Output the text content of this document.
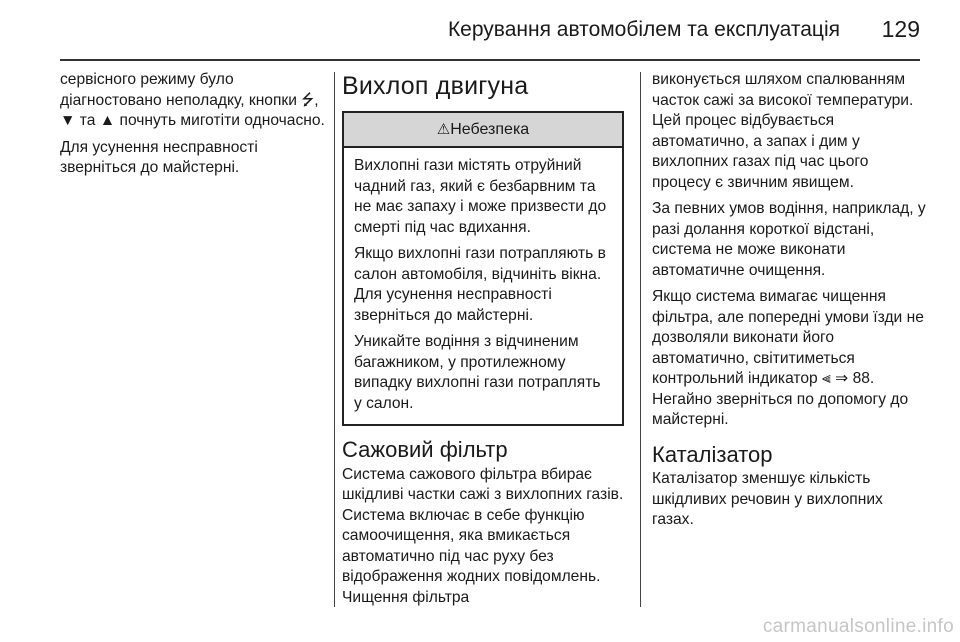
Керування автомобілем та експлуатація 129

сервісного режиму було діагностовано неполадку, кнопки ⭍, ▼ та ▲ почнуть миготіти одночасно.

Для усунення несправності зверніться до майстерні.

Вихлоп двигуна
⚠Небезпека

Вихлопні гази містять отруйний чадний газ, який є безбарвним та не має запаху і може призвести до смерті під час вдихання.

Якщо вихлопні гази потрапляють в салон автомобіля, відчиніть вікна. Для усунення несправності зверніться до майстерні.

Уникайте водіння з відчиненим багажником, у протилежному випадку вихлопні гази потраплять у салон.

Сажовий фільтр

Система сажового фільтра вбирає шкідливі частки сажі з вихлопних газів. Система включає в себе функцію самоочищення, яка вмикається автоматично під час руху без відображення жодних повідомлень. Чищення фільтра

виконується шляхом спалюванням часток сажі за високої температури. Цей процес відбувається автоматично, а запах і дим у вихлопних газах під час цього процесу є звичним явищем.

За певних умов водіння, наприклад, у разі долання короткої відстані, система не може виконати автоматичне очищення.

Якщо система вимагає чищення фільтра, але попередні умови їзди не дозволяли виконати його автоматично, світитиметься контрольний індикатор ⫷ ⇒ 88. Негайно зверніться по допомогу до майстерні.

Каталізатор

Каталізатор зменшує кількість шкідливих речовин у вихлопних газах.

carmanualsonline.info
